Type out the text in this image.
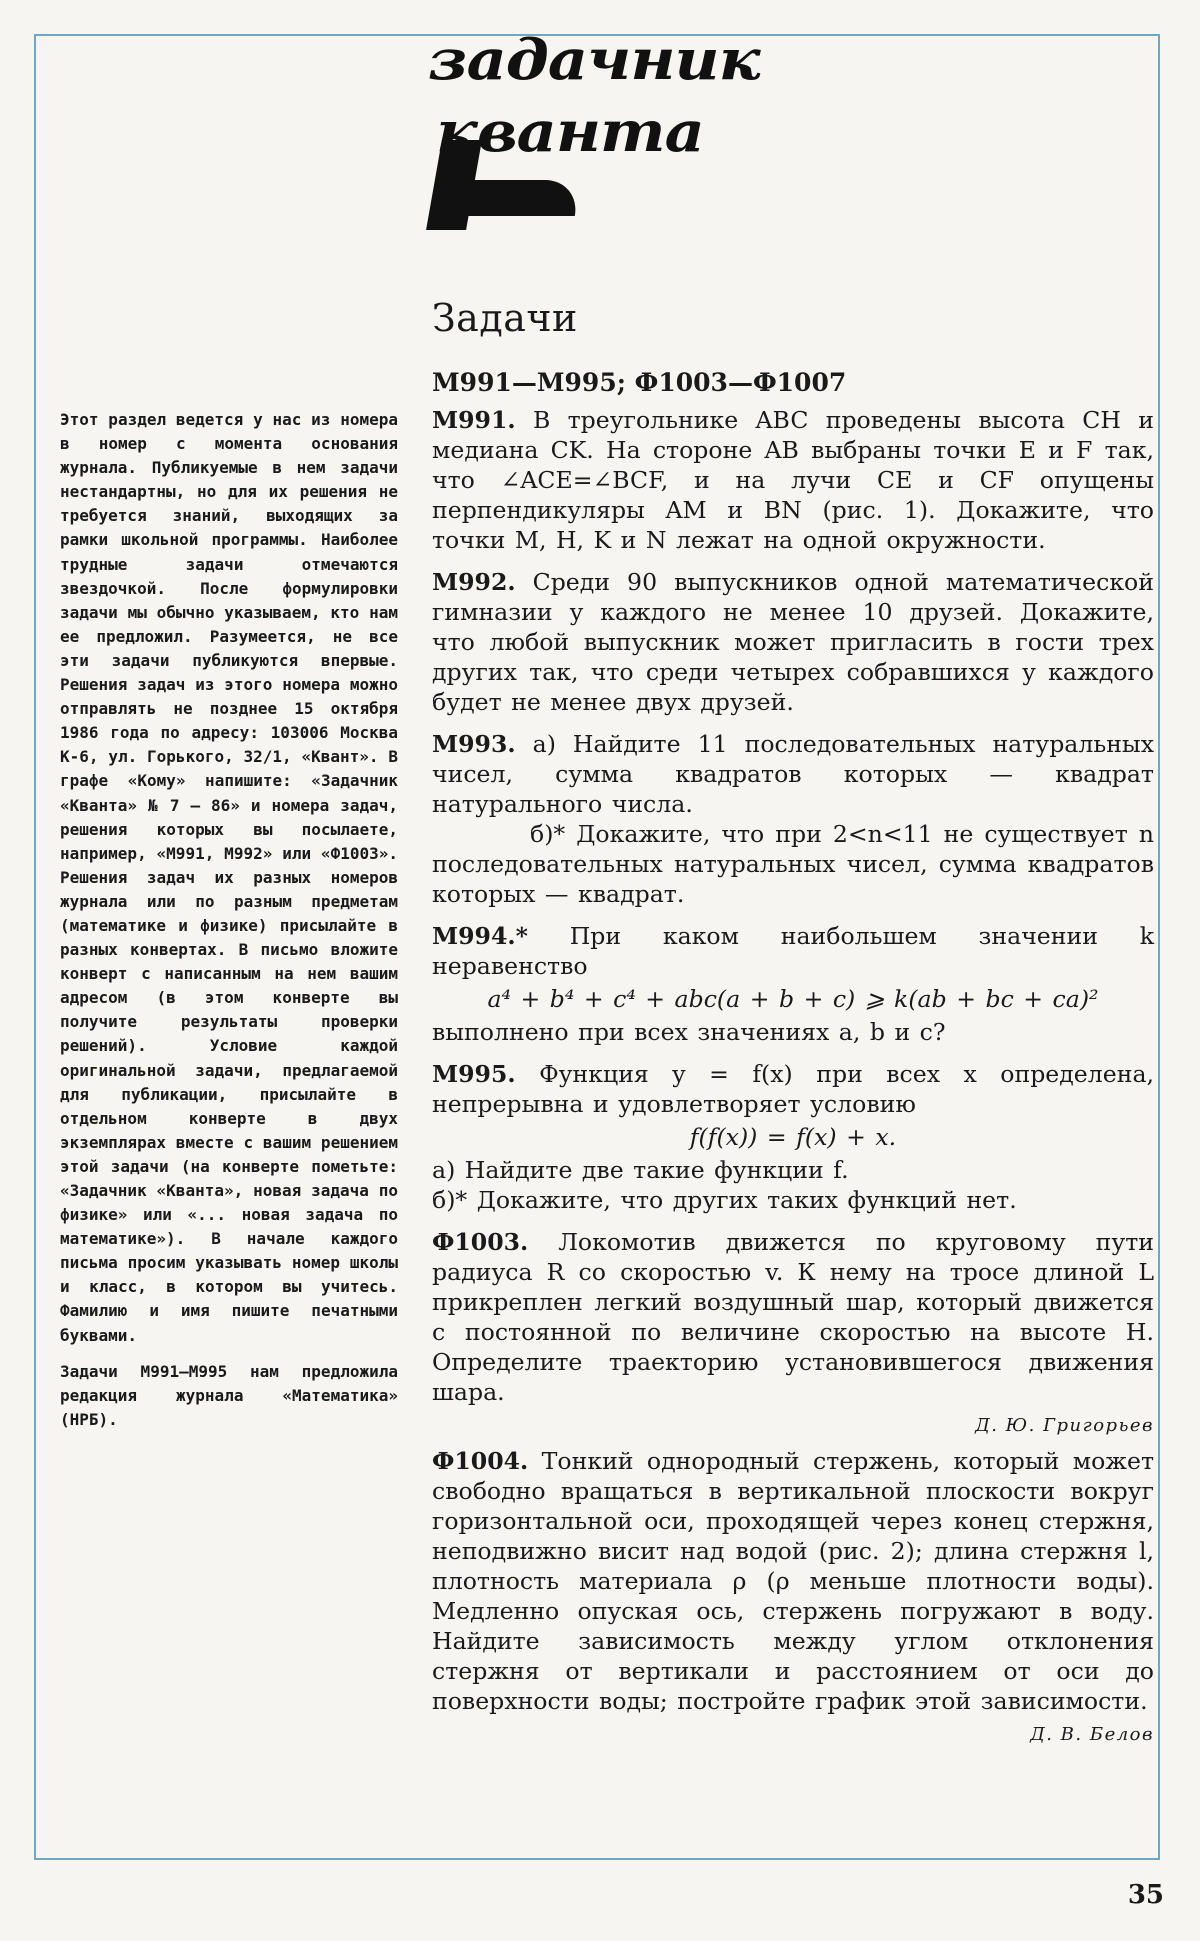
задачник
кванта

Этот раздел ведется у нас из номера в номер с момента основания журнала. Публикуемые в нем задачи нестандартны, но для их решения не требуется знаний, выходящих за рамки школьной программы. Наиболее трудные задачи отмечаются звездочкой. После формулировки задачи мы обычно указываем, кто нам ее предложил. Разумеется, не все эти задачи публикуются впервые. Решения задач из этого номера можно отправлять не позднее 15 октября 1986 года по адресу: 103006 Москва К-6, ул. Горького, 32/1, «Квант». В графе «Кому» напишите: «Задачник «Кванта» № 7 — 86» и номера задач, решения которых вы посылаете, например, «М991, М992» или «Ф1003». Решения задач их разных номеров журнала или по разным предметам (математике и физике) присылайте в разных конвертах. В письмо вложите конверт с написанным на нем вашим адресом (в этом конверте вы получите результаты проверки решений). Условие каждой оригинальной задачи, предлагаемой для публикации, присылайте в отдельном конверте в двух экземплярах вместе с вашим решением этой задачи (на конверте пометьте: «Задачник «Кванта», новая задача по физике» или «... новая задача по математике»). В начале каждого письма просим указывать номер школы и класс, в котором вы учитесь. Фамилию и имя пишите печатными буквами.

Задачи М991—М995 нам предложила редакция журнала «Математика» (НРБ).

Задачи
М991—М995; Ф1003—Ф1007

М991. В треугольнике ABC проведены высота CH и медиана CK. На стороне AB выбраны точки E и F так, что ∠ACE=∠BCF, и на лучи CE и CF опущены перпендикуляры AM и BN (рис. 1). Докажите, что точки M, H, K и N лежат на одной окружности.

М992. Среди 90 выпускников одной математической гимназии у каждого не менее 10 друзей. Докажите, что любой выпускник может пригласить в гости трех других так, что среди четырех собравшихся у каждого будет не менее двух друзей.

М993. а) Найдите 11 последовательных натуральных чисел, сумма квадратов которых — квадрат натурального числа.
б)* Докажите, что при 2<n<11 не существует n последовательных натуральных чисел, сумма квадратов которых — квадрат.

М994.* При каком наибольшем значении k неравенство
a⁴ + b⁴ + c⁴ + abc(a + b + c) ⩾ k(ab + bc + ca)²
выполнено при всех значениях a, b и c?

М995. Функция y = f(x) при всех x определена, непрерывна и удовлетворяет условию
f(f(x)) = f(x) + x.
а) Найдите две такие функции f.
б)* Докажите, что других таких функций нет.

Ф1003. Локомотив движется по круговому пути радиуса R со скоростью v. К нему на тросе длиной L прикреплен легкий воздушный шар, который движется с постоянной по величине скоростью на высоте H. Определите траекторию установившегося движения шара.

Д. Ю. Григорьев

Ф1004. Тонкий однородный стержень, который может свободно вращаться в вертикальной плоскости вокруг горизонтальной оси, проходящей через конец стержня, неподвижно висит над водой (рис. 2); длина стержня l, плотность материала ρ (ρ меньше плотности воды). Медленно опуская ось, стержень погружают в воду. Найдите зависимость между углом отклонения стержня от вертикали и расстоянием от оси до поверхности воды; постройте график этой зависимости.

Д. В. Белов
35
